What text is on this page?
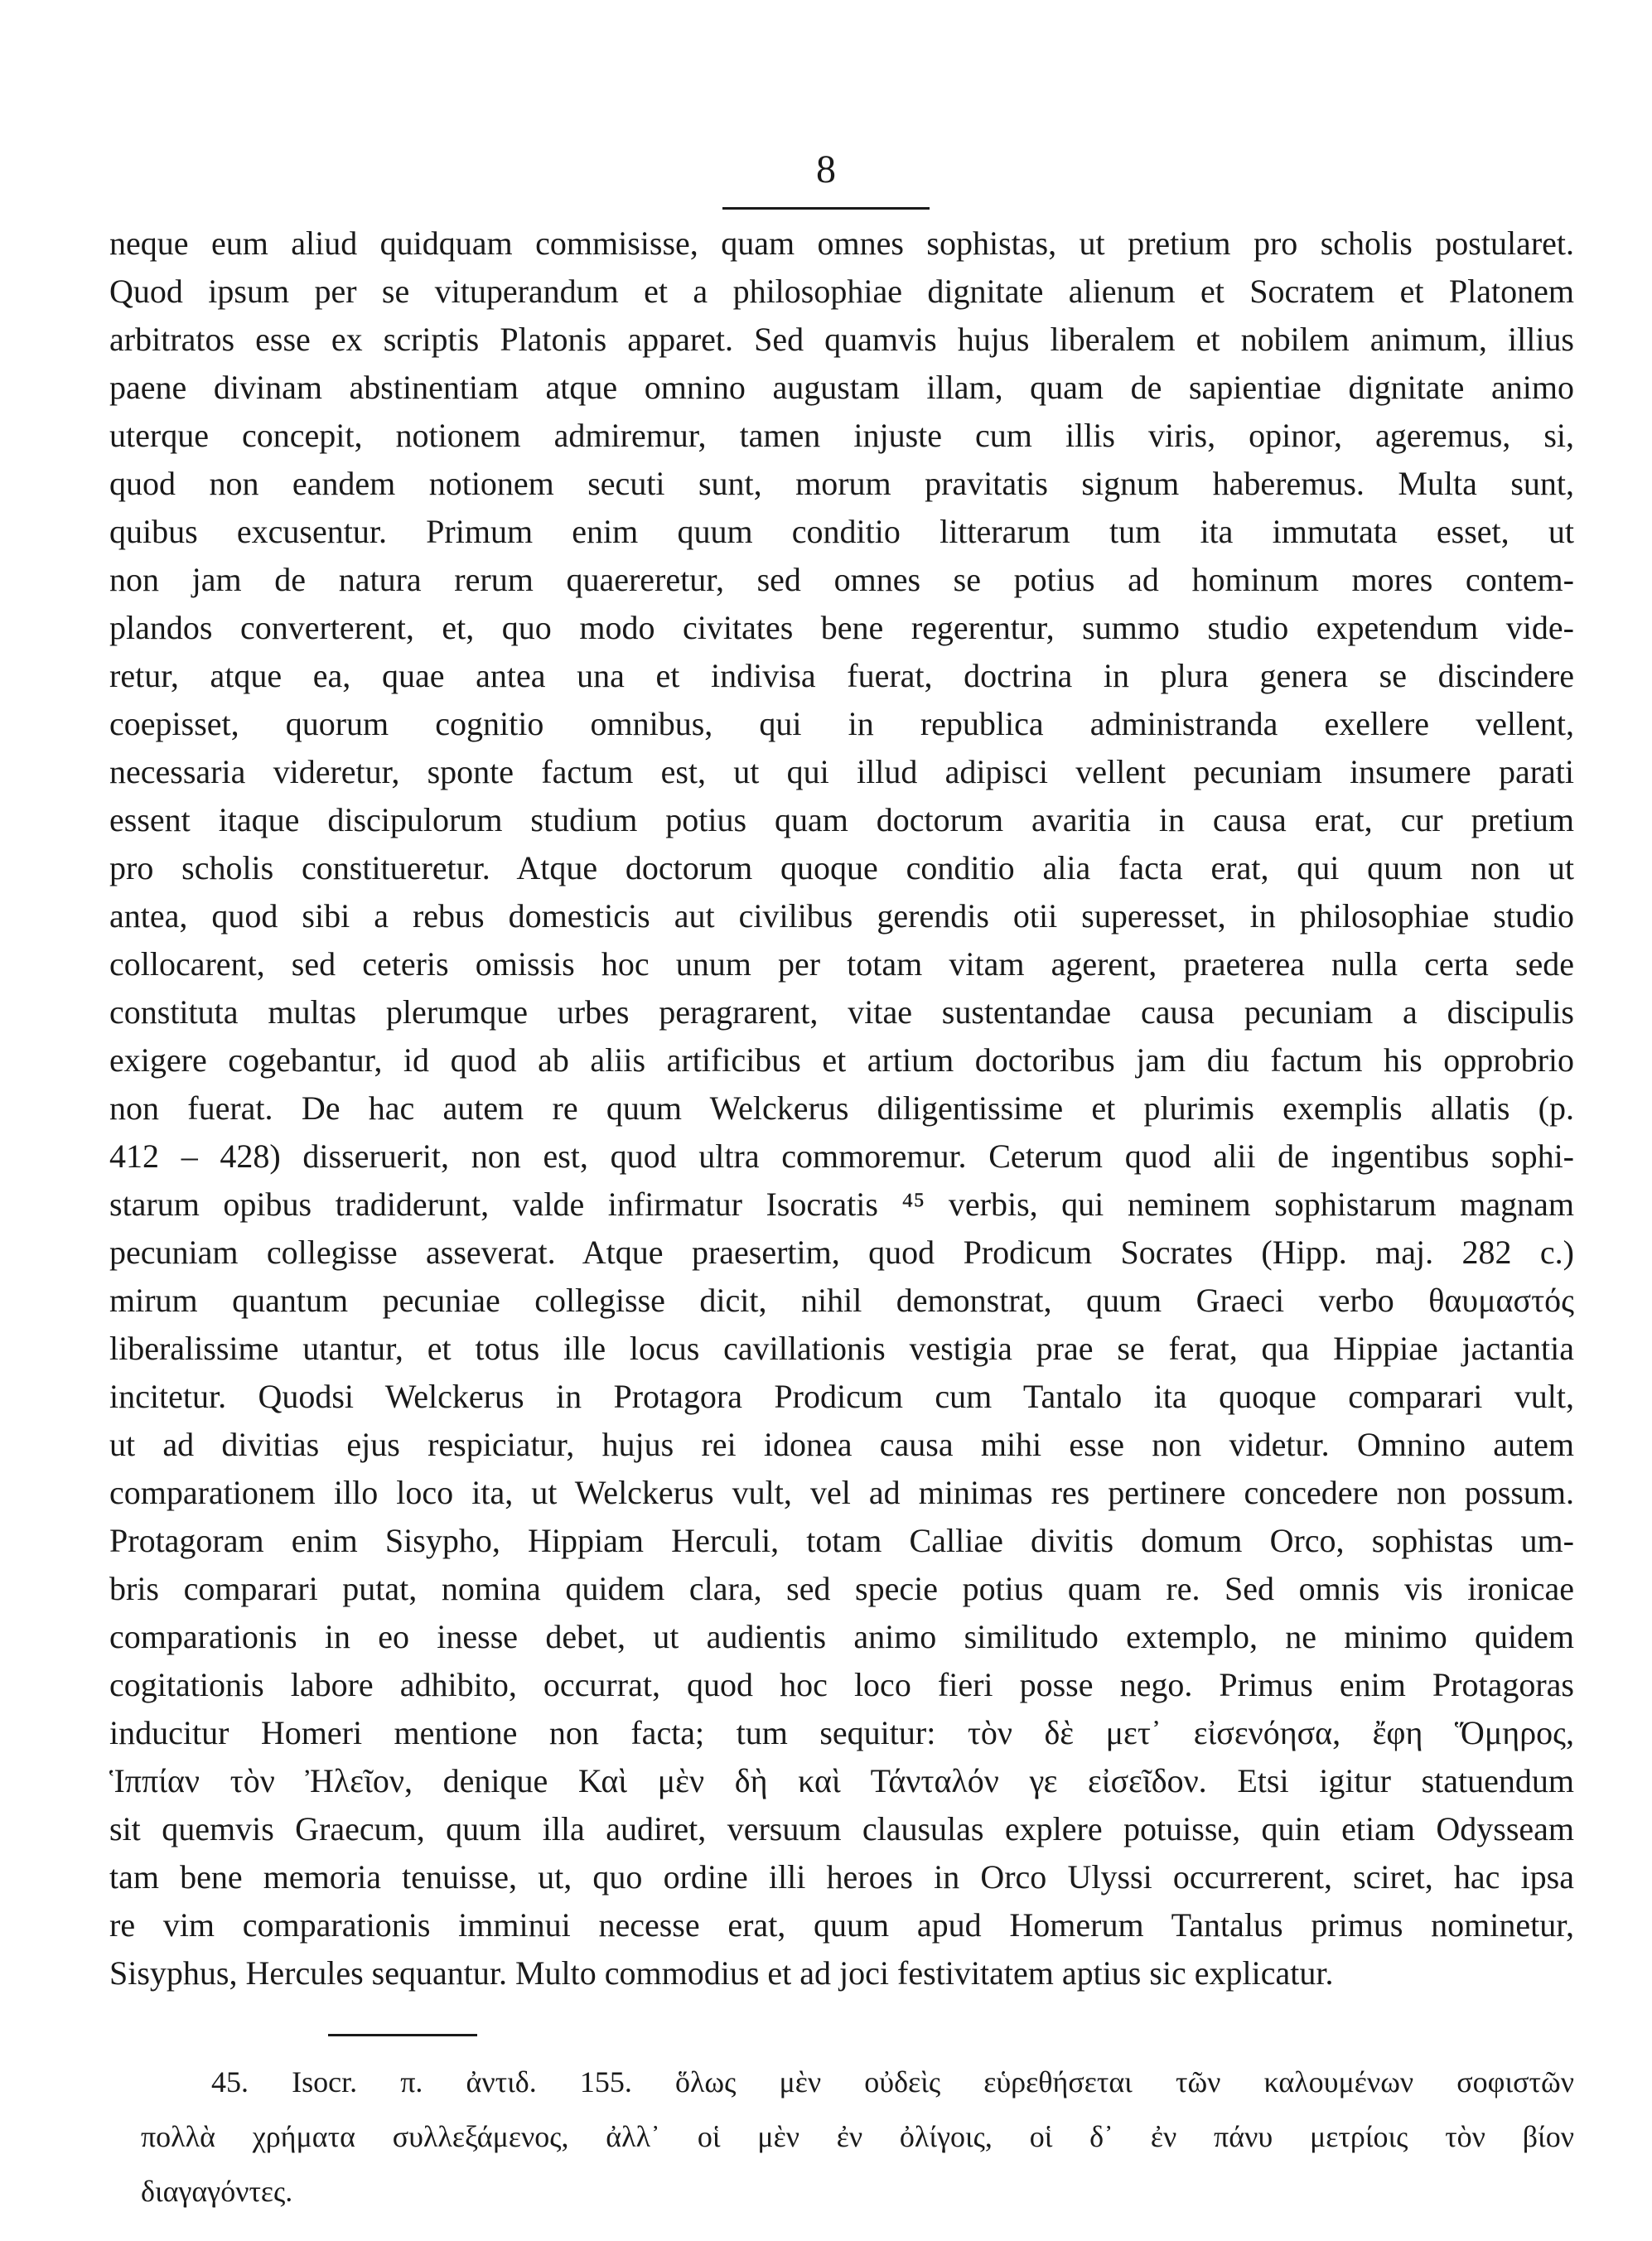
8
neque eum aliud quidquam commisisse, quam omnes sophistas, ut pretium pro scholis postularet.
Quod ipsum per se vituperandum et a philosophiae dignitate alienum et Socratem et Platonem
arbitratos esse ex scriptis Platonis apparet. Sed quamvis hujus liberalem et nobilem animum, illius
paene divinam abstinentiam atque omnino augustam illam, quam de sapientiae dignitate animo
uterque concepit, notionem admiremur, tamen injuste cum illis viris, opinor, ageremus, si,
quod non eandem notionem secuti sunt, morum pravitatis signum haberemus. Multa sunt,
quibus excusentur. Primum enim quum conditio litterarum tum ita immutata esset, ut
non jam de natura rerum quaereretur, sed omnes se potius ad hominum mores contem-
plandos converterent, et, quo modo civitates bene regerentur, summo studio expetendum vide-
retur, atque ea, quae antea una et indivisa fuerat, doctrina in plura genera se discindere
coepisset, quorum cognitio omnibus, qui in republica administranda exellere vellent,
necessaria videretur, sponte factum est, ut qui illud adipisci vellent pecuniam insumere parati
essent itaque discipulorum studium potius quam doctorum avaritia in causa erat, cur pretium
pro scholis constitueretur. Atque doctorum quoque conditio alia facta erat, qui quum non ut
antea, quod sibi a rebus domesticis aut civilibus gerendis otii superesset, in philosophiae studio
collocarent, sed ceteris omissis hoc unum per totam vitam agerent, praeterea nulla certa sede
constituta multas plerumque urbes peragrarent, vitae sustentandae causa pecuniam a discipulis
exigere cogebantur, id quod ab aliis artificibus et artium doctoribus jam diu factum his opprobrio
non fuerat. De hac autem re quum Welckerus diligentissime et plurimis exemplis allatis (p.
412 – 428) disseruerit, non est, quod ultra commoremur. Ceterum quod alii de ingentibus sophi-
starum opibus tradiderunt, valde infirmatur Isocratis ⁴⁵ verbis, qui neminem sophistarum magnam
pecuniam collegisse asseverat. Atque praesertim, quod Prodicum Socrates (Hipp. maj. 282 c.)
mirum quantum pecuniae collegisse dicit, nihil demonstrat, quum Graeci verbo θαυμαστός
liberalissime utantur, et totus ille locus cavillationis vestigia prae se ferat, qua Hippiae jactantia
incitetur. Quodsi Welckerus in Protagora Prodicum cum Tantalo ita quoque comparari vult,
ut ad divitias ejus respiciatur, hujus rei idonea causa mihi esse non videtur. Omnino autem
comparationem illo loco ita, ut Welckerus vult, vel ad minimas res pertinere concedere non possum.
Protagoram enim Sisypho, Hippiam Herculi, totam Calliae divitis domum Orco, sophistas um-
bris comparari putat, nomina quidem clara, sed specie potius quam re. Sed omnis vis ironicae
comparationis in eo inesse debet, ut audientis animo similitudo extemplo, ne minimo quidem
cogitationis labore adhibito, occurrat, quod hoc loco fieri posse nego. Primus enim Protagoras
inducitur Homeri mentione non facta; tum sequitur: τὸν δὲ μετ᾽ εἰσενόησα, ἔφη Ὅμηρος,
Ἱππίαν τὸν Ἠλεῖον, denique Καὶ μὲν δὴ καὶ Τάνταλόν γε εἰσεῖδον. Etsi igitur statuendum
sit quemvis Graecum, quum illa audiret, versuum clausulas explere potuisse, quin etiam Odysseam
tam bene memoria tenuisse, ut, quo ordine illi heroes in Orco Ulyssi occurrerent, sciret, hac ipsa
re vim comparationis imminui necesse erat, quum apud Homerum Tantalus primus nominetur,
Sisyphus, Hercules sequantur. Multo commodius et ad joci festivitatem aptius sic explicatur.
45. Isocr. π. ἀντιδ. 155. ὅλως μὲν οὐδεὶς εὑρεθήσεται τῶν καλουμένων σοφιστῶν
πολλὰ χρήματα συλλεξάμενος, ἀλλ᾽ οἱ μὲν ἐν ὀλίγοις, οἱ δ᾽ ἐν πάνυ μετρίοις τὸν βίον
διαγαγόντες.
